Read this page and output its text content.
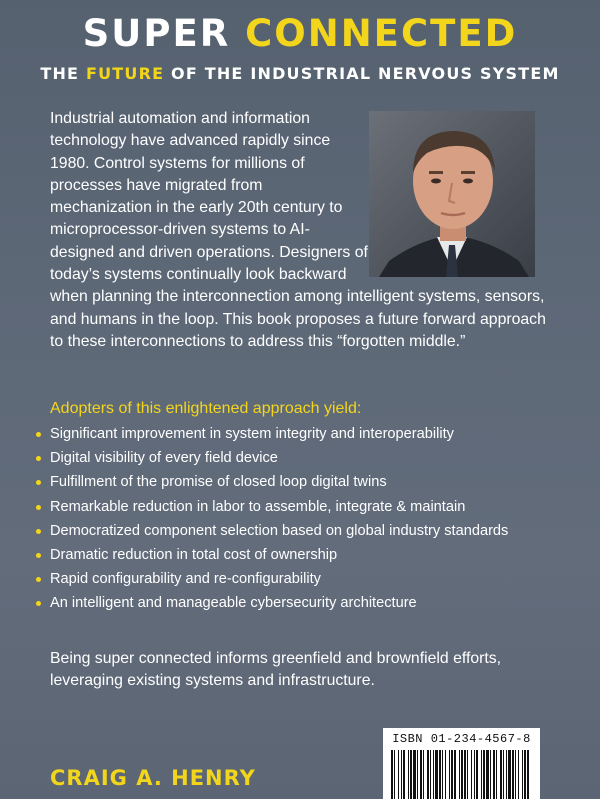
SUPER CONNECTED
THE FUTURE OF THE INDUSTRIAL NERVOUS SYSTEM
Industrial automation and information technology have advanced rapidly since 1980. Control systems for millions of processes have migrated from mechanization in the early 20th century to microprocessor-driven systems to AI-designed and driven operations. Designers of today’s systems continually look backward when planning the interconnection among intelligent systems, sensors, and humans in the loop. This book proposes a future forward approach to these interconnections to address this “forgotten middle.”
Adopters of this enlightened approach yield:
Significant improvement in system integrity and interoperability
Digital visibility of every field device
Fulfillment of the promise of closed loop digital twins
Remarkable reduction in labor to assemble, integrate & maintain
Democratized component selection based on global industry standards
Dramatic reduction in total cost of ownership
Rapid configurability and re-configurability
An intelligent and manageable cybersecurity architecture
Being super connected informs greenfield and brownfield efforts, leveraging existing systems and infrastructure.
CRAIG A. HENRY
ISBN 01-234-4567-8
